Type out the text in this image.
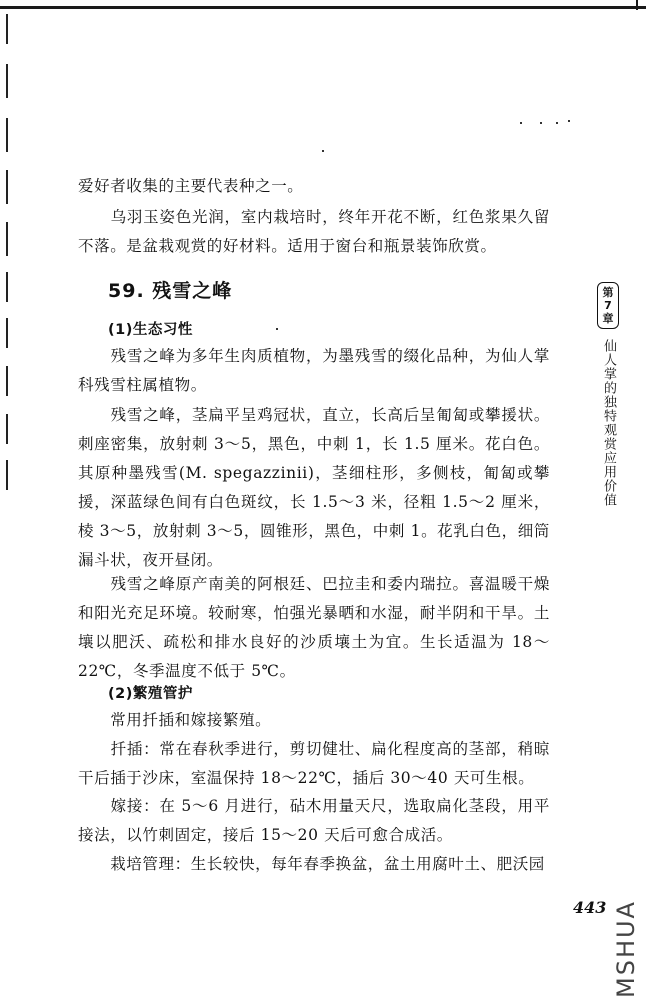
爱好者收集的主要代表种之一。

　　乌羽玉姿色光润，室内栽培时，终年开花不断，红色浆果久留不落。是盆栽观赏的好材料。适用于窗台和瓶景装饰欣赏。

59. 残雪之峰
(1)生态习性

　　残雪之峰为多年生肉质植物，为墨残雪的缀化品种，为仙人掌科残雪柱属植物。

　　残雪之峰，茎扁平呈鸡冠状，直立，长高后呈匍匐或攀援状。刺座密集，放射刺 3～5，黑色，中刺 1，长 1.5 厘米。花白色。其原种墨残雪(M. spegazzinii)，茎细柱形，多侧枝，匍匐或攀援，深蓝绿色间有白色斑纹，长 1.5～3 米，径粗 1.5～2 厘米，棱 3～5，放射刺 3～5，圆锥形，黑色，中刺 1。花乳白色，细筒漏斗状，夜开昼闭。

　　残雪之峰原产南美的阿根廷、巴拉圭和委内瑞拉。喜温暖干燥和阳光充足环境。较耐寒，怕强光暴晒和水湿，耐半阴和干旱。土壤以肥沃、疏松和排水良好的沙质壤土为宜。生长适温为 18～22℃，冬季温度不低于 5℃。

(2)繁殖管护

　　常用扦插和嫁接繁殖。

　　扦插：常在春秋季进行，剪切健壮、扁化程度高的茎部，稍晾干后插于沙床，室温保持 18～22℃，插后 30～40 天可生根。

　　嫁接：在 5～6 月进行，砧木用量天尺，选取扁化茎段，用平接法，以竹刺固定，接后 15～20 天后可愈合成活。

　　栽培管理：生长较快，每年春季换盆，盆土用腐叶土、肥沃园

第
7
章
仙人掌的独特观赏应用价值
443 MSHUA
